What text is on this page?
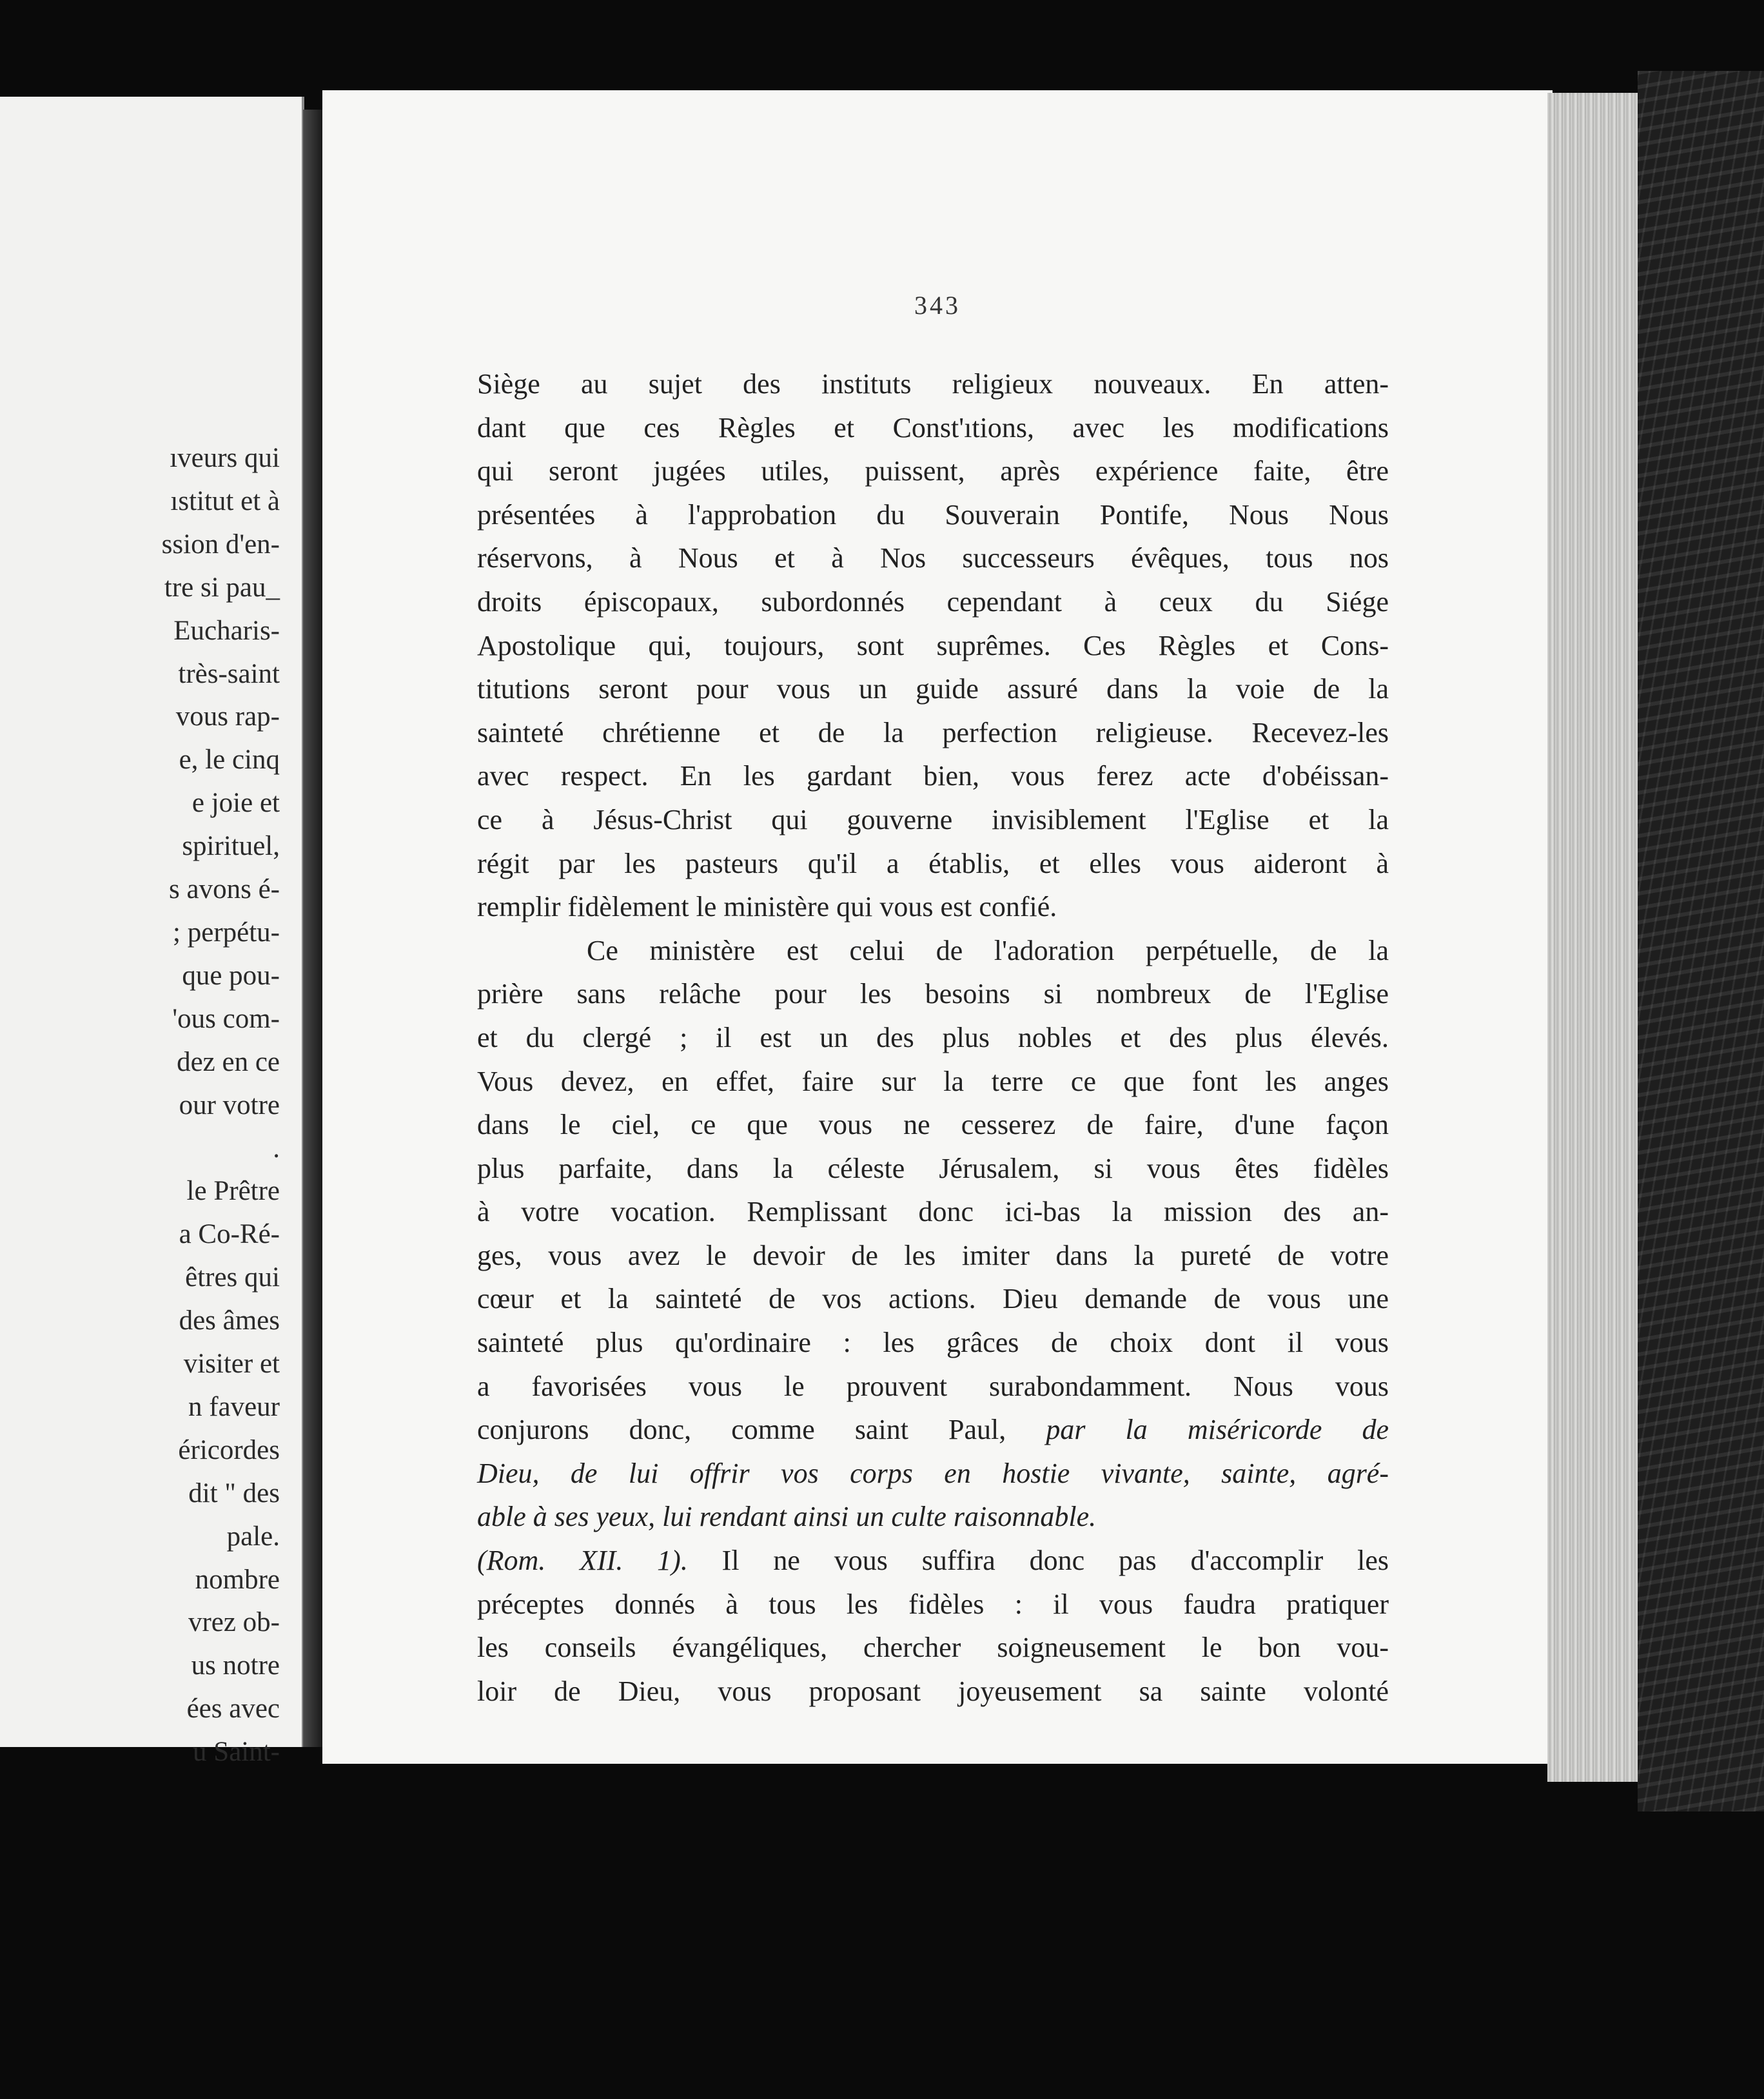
ıveurs qui
ıstitut et à
ssion d'en-
tre si pau_
Eucharis-
très-saint
vous rap-
e, le cinq
e joie et
spirituel,
s avons é-
; perpétu-
que pou-
'ous com-
dez en ce
our votre
.
le Prêtre
a Co-Ré-
êtres qui
des âmes
visiter et
n faveur
éricordes
dit " des
pale.
nombre
vrez ob-
us notre
ées avec
u Saint-
343
Siège au sujet des instituts religieux nouveaux. En atten-
dant que ces Règles et Const'ıtions, avec les modifications
qui seront jugées utiles, puissent, après expérience faite, être
présentées à l'approbation du Souverain Pontife, Nous Nous
réservons, à Nous et à Nos successeurs évêques, tous nos
droits épiscopaux, subordonnés cependant à ceux du Siége
Apostolique qui, toujours, sont suprêmes. Ces Règles et Cons-
titutions seront pour vous un guide assuré dans la voie de la
sainteté chrétienne et de la perfection religieuse. Recevez-les
avec respect. En les gardant bien, vous ferez acte d'obéissan-
ce à Jésus-Christ qui gouverne invisiblement l'Eglise et la
régit par les pasteurs qu'il a établis, et elles vous aideront à
remplir fidèlement le ministère qui vous est confié.
Ce ministère est celui de l'adoration perpétuelle, de la
prière sans relâche pour les besoins si nombreux de l'Eglise
et du clergé ; il est un des plus nobles et des plus élevés.
Vous devez, en effet, faire sur la terre ce que font les anges
dans le ciel, ce que vous ne cesserez de faire, d'une façon
plus parfaite, dans la céleste Jérusalem, si vous êtes fidèles
à votre vocation. Remplissant donc ici-bas la mission des an-
ges, vous avez le devoir de les imiter dans la pureté de votre
cœur et la sainteté de vos actions. Dieu demande de vous une
sainteté plus qu'ordinaire : les grâces de choix dont il vous
a favorisées vous le prouvent surabondamment. Nous vous
conjurons donc, comme saint Paul, par la miséricorde de
Dieu, de lui offrir vos corps en hostie vivante, sainte, agré-
able à ses yeux, lui rendant ainsi un culte raisonnable.
(Rom. XII. 1). Il ne vous suffira donc pas d'accomplir les
préceptes donnés à tous les fidèles : il vous faudra pratiquer
les conseils évangéliques, chercher soigneusement le bon vou-
loir de Dieu, vous proposant joyeusement sa sainte volonté
